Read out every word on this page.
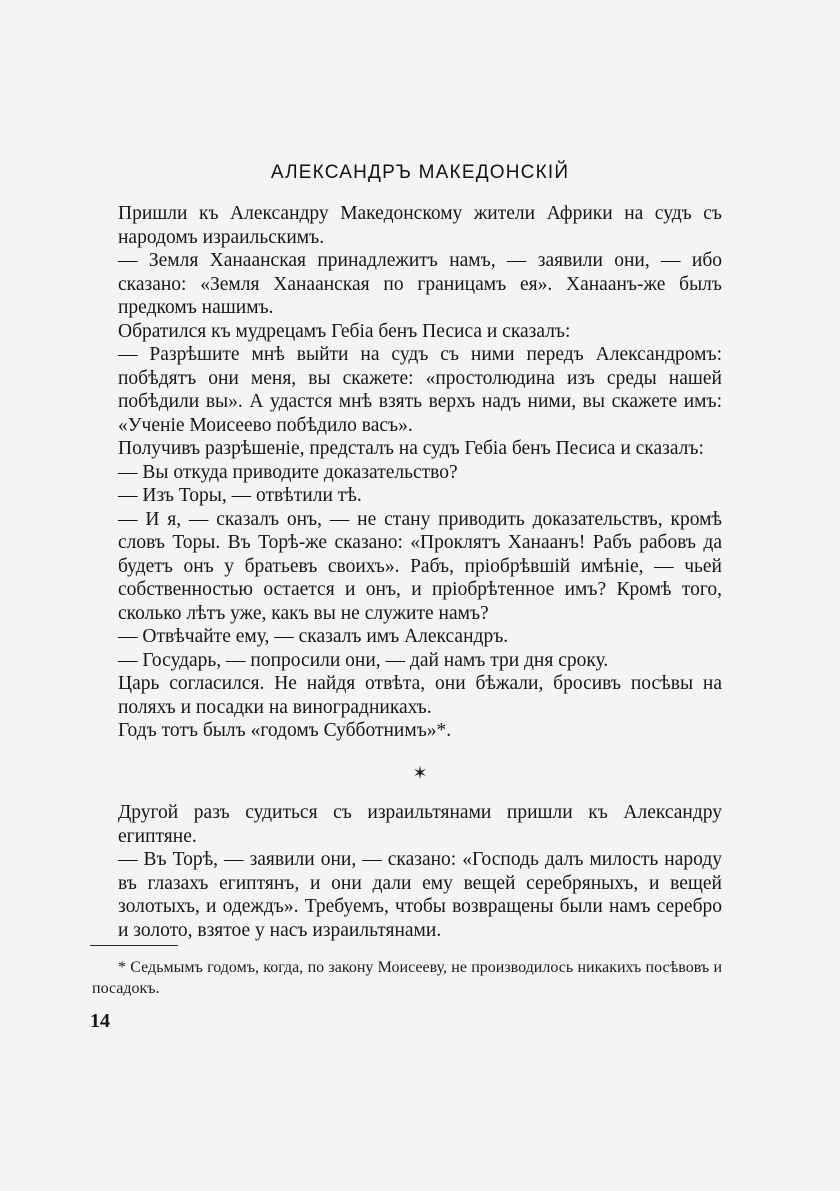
АЛЕКСАНДРЪ МАКЕДОНСКІЙ

Пришли къ Александру Македонскому жители Африки на судъ съ народомъ израильскимъ.

— Земля Ханаанская принадлежитъ намъ, — заявили они, — ибо сказано: «Земля Ханаанская по границамъ ея». Ханаанъ-же былъ предкомъ нашимъ.

Обратился къ мудрецамъ Гебіа бенъ Песиса и сказалъ:

— Разрѣшите мнѣ выйти на судъ съ ними передъ Александромъ: побѣдятъ они меня, вы скажете: «простолюдина изъ среды нашей побѣдили вы». А удастся мнѣ взять верхъ надъ ними, вы скажете имъ: «Ученіе Моисеево побѣдило васъ».

Получивъ разрѣшеніе, предсталъ на судъ Гебіа бенъ Песиса и сказалъ:

— Вы откуда приводите доказательство?

— Изъ Торы, — отвѣтили тѣ.

— И я, — сказалъ онъ, — не стану приводить доказательствъ, кромѣ словъ Торы. Въ Торѣ-же сказано: «Проклятъ Ханаанъ! Рабъ рабовъ да будетъ онъ у братьевъ своихъ». Рабъ, пріобрѣвшій имѣніе, — чьей собственностью остается и онъ, и пріобрѣтенное имъ? Кромѣ того, сколько лѣтъ уже, какъ вы не служите намъ?

— Отвѣчайте ему, — сказалъ имъ Александръ.

— Государь, — попросили они, — дай намъ три дня сроку.

Царь согласился. Не найдя отвѣта, они бѣжали, бросивъ посѣвы на поляхъ и посадки на виноградникахъ.

Годъ тотъ былъ «годомъ Субботнимъ»*.

✶

Другой разъ судиться съ израильтянами пришли къ Александру египтяне.

— Въ Торѣ, — заявили они, — сказано: «Господь далъ милость народу въ глазахъ египтянъ, и они дали ему вещей серебряныхъ, и вещей золотыхъ, и одеждъ». Требуемъ, чтобы возвращены были намъ серебро и золото, взятое у насъ израильтянами.

* Седьмымъ годомъ, когда, по закону Моисееву, не производилось никакихъ посѣвовъ и посадокъ.

14
